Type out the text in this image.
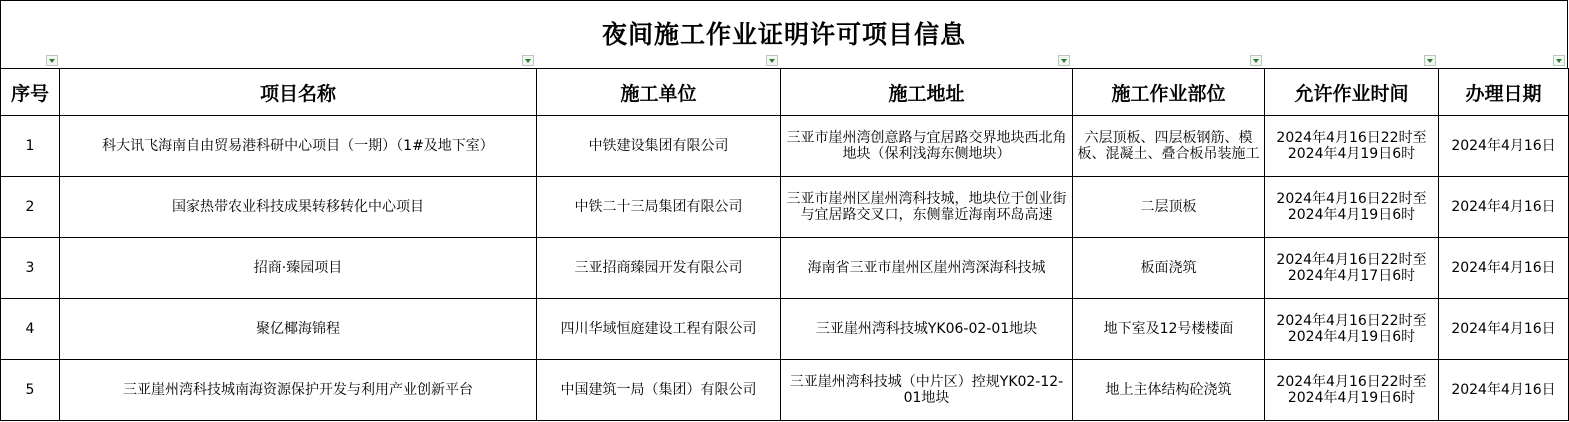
夜间施工作业证明许可项目信息
序号	项目名称	施工单位	施工地址	施工作业部位	允许作业时间	办理日期
1	科大讯飞海南自由贸易港科研中心项目（一期）（1#及地下室）	中铁建设集团有限公司	三亚市崖州湾创意路与宜居路交界地块西北角地块（保利浅海东侧地块）	六层顶板、四层板钢筋、模板、混凝土、叠合板吊装施工	2024年4月16日22时至2024年4月19日6时	2024年4月16日
2	国家热带农业科技成果转移转化中心项目	中铁二十三局集团有限公司	三亚市崖州区崖州湾科技城，地块位于创业街与宜居路交叉口，东侧靠近海南环岛高速	二层顶板	2024年4月16日22时至2024年4月19日6时	2024年4月16日
3	招商·臻园项目	三亚招商臻园开发有限公司	海南省三亚市崖州区崖州湾深海科技城	板面浇筑	2024年4月16日22时至2024年4月17日6时	2024年4月16日
4	聚亿椰海锦程	四川华域恒庭建设工程有限公司	三亚崖州湾科技城YK06-02-01地块	地下室及12号楼楼面	2024年4月16日22时至2024年4月19日6时	2024年4月16日
5	三亚崖州湾科技城南海资源保护开发与利用产业创新平台	中国建筑一局（集团）有限公司	三亚崖州湾科技城（中片区）控规YK02-12-01地块	地上主体结构砼浇筑	2024年4月16日22时至2024年4月19日6时	2024年4月16日
